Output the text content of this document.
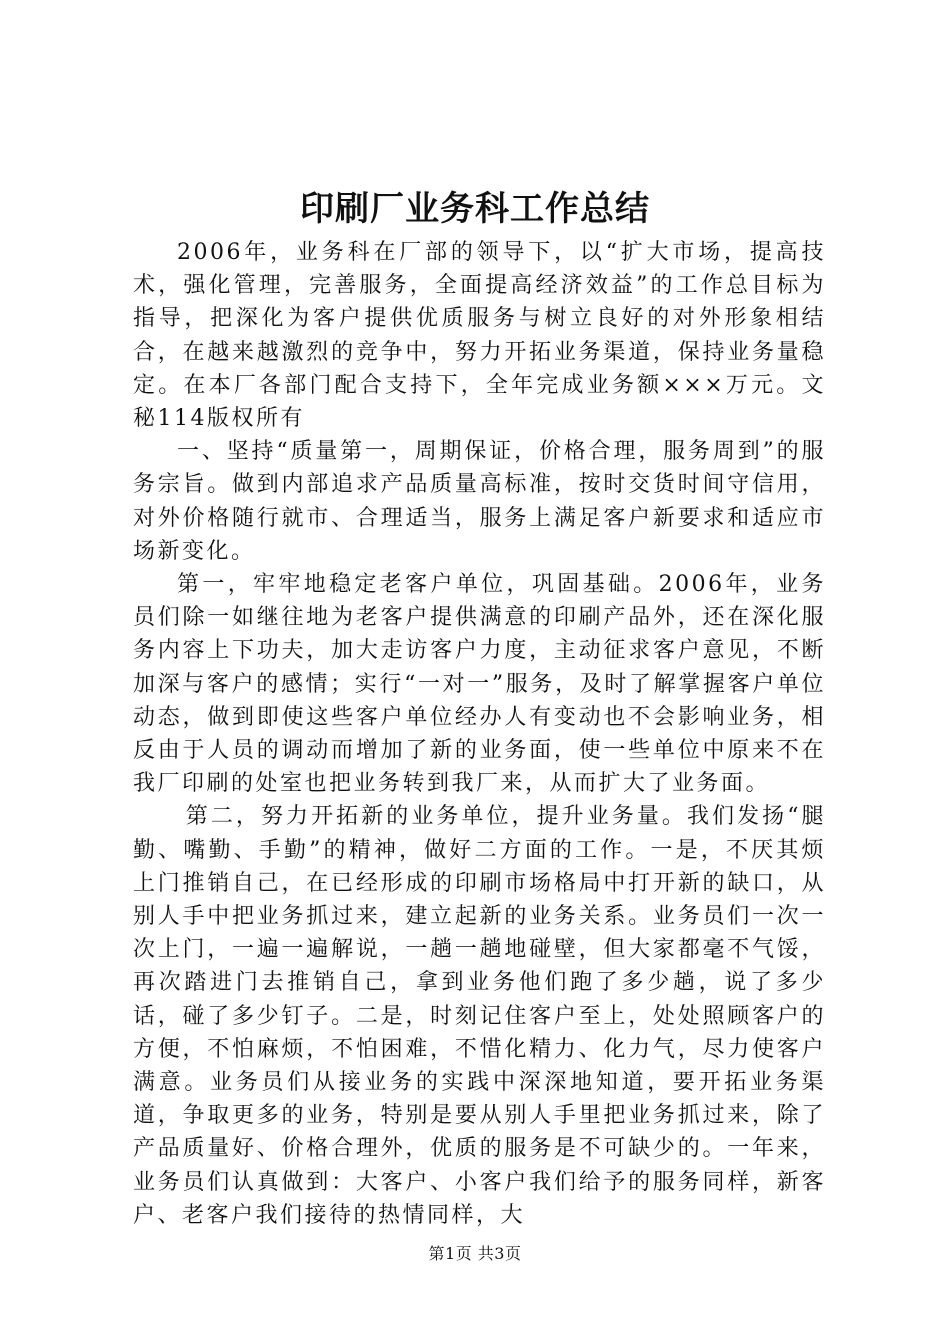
印刷厂业务科工作总结

2006年，业务科在厂部的领导下，以“扩大市场，提高技术，强化管理，完善服务，全面提高经济效益”的工作总目标为指导，把深化为客户提供优质服务与树立良好的对外形象相结合，在越来越激烈的竞争中，努力开拓业务渠道，保持业务量稳定。在本厂各部门配合支持下，全年完成业务额×××万元。文秘114版权所有

一、坚持“质量第一，周期保证，价格合理，服务周到”的服务宗旨。做到内部追求产品质量高标准，按时交货时间守信用，对外价格随行就市、合理适当，服务上满足客户新要求和适应市场新变化。

第一，牢牢地稳定老客户单位，巩固基础。2006年，业务员们除一如继往地为老客户提供满意的印刷产品外，还在深化服务内容上下功夫，加大走访客户力度，主动征求客户意见，不断加深与客户的感情；实行“一对一”服务，及时了解掌握客户单位动态，做到即使这些客户单位经办人有变动也不会影响业务，相反由于人员的调动而增加了新的业务面，使一些单位中原来不在我厂印刷的处室也把业务转到我厂来，从而扩大了业务面。

第二，努力开拓新的业务单位，提升业务量。我们发扬“腿勤、嘴勤、手勤”的精神，做好二方面的工作。一是，不厌其烦上门推销自己，在已经形成的印刷市场格局中打开新的缺口，从别人手中把业务抓过来，建立起新的业务关系。业务员们一次一次上门，一遍一遍解说，一趟一趟地碰壁，但大家都毫不气馁，再次踏进门去推销自己，拿到业务他们跑了多少趟，说了多少话，碰了多少钉子。二是，时刻记住客户至上，处处照顾客户的方便，不怕麻烦，不怕困难，不惜化精力、化力气，尽力使客户满意。业务员们从接业务的实践中深深地知道，要开拓业务渠道，争取更多的业务，特别是要从别人手里把业务抓过来，除了产品质量好、价格合理外，优质的服务是不可缺少的。一年来，业务员们认真做到：大客户、小客户我们给予的服务同样，新客户、老客户我们接待的热情同样，大

第1页 共3页
